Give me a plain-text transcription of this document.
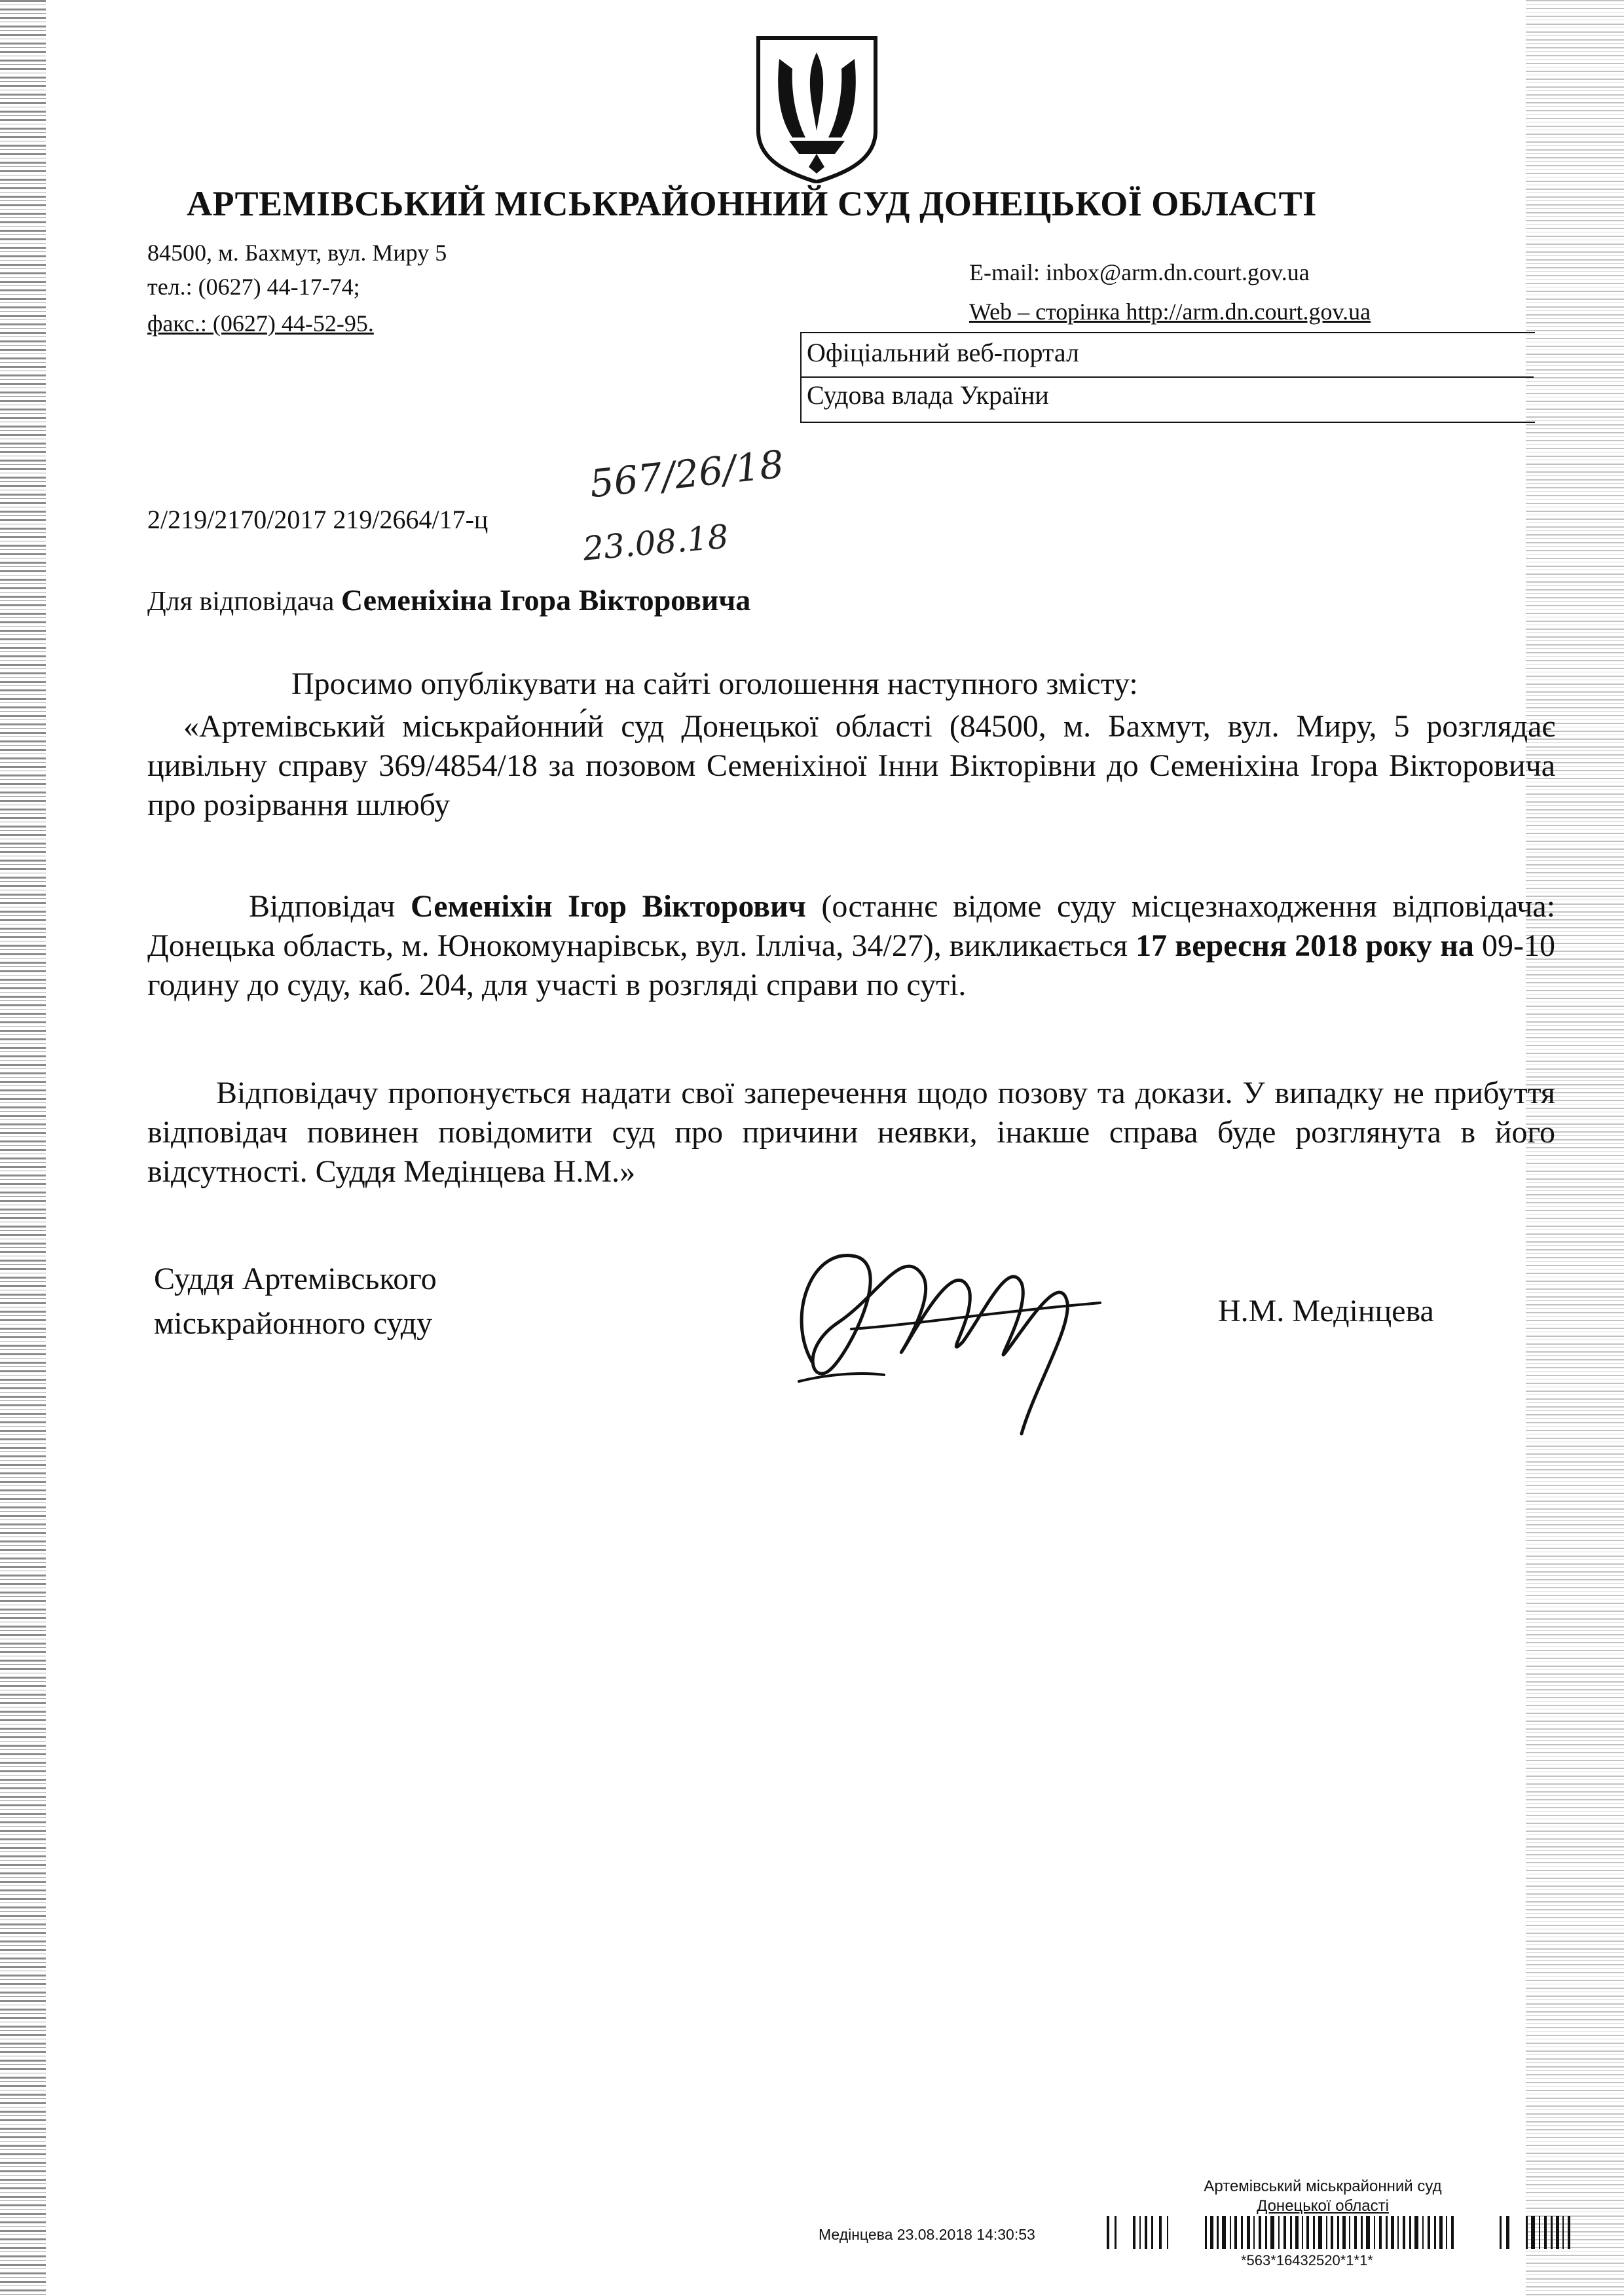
АРТЕМІВСЬКИЙ МІСЬКРАЙОННИЙ СУД ДОНЕЦЬКОЇ ОБЛАСТІ
84500, м. Бахмут, вул. Миру 5
тел.: (0627) 44-17-74;
факс.: (0627) 44-52-95.
E-mail: inbox@arm.dn.court.gov.ua
Web – сторінка http://arm.dn.court.gov.ua
Офіціальний веб-портал
Судова влада України
2/219/2170/2017 219/2664/17-ц
567/26/18
23.08.18
Для відповідача Семеніхіна Ігора Вікторовича
Просимо опублікувати на сайті оголошення наступного змісту:
«Артемівський міськрайонни́й суд Донецької області (84500, м. Бахмут, вул. Миру, 5 розглядає цивільну справу 369/4854/18 за позовом Семеніхіної Інни Вікторівни до Семеніхіна Ігора Вікторовича про розірвання шлюбу
Відповідач Семеніхін Ігор Вікторович (останнє відоме суду місцезнаходження відповідача: Донецька область, м. Юнокомунарівськ, вул. Ілліча, 34/27), викликається 17 вересня 2018 року на 09-10 годину до суду, каб. 204, для участі в розгляді справи по суті.
Відповідачу пропонується надати свої заперечення щодо позову та докази. У випадку не прибуття відповідач повинен повідомити суд про причини неявки, інакше справа буде розглянута в його відсутності. Суддя Медінцева Н.М.»
Суддя Артемівського
міськрайонного суду	Н.М. Медінцева
Артемівський міськрайонний суд
Донецької області
Медінцева 23.08.2018 14:30:53
*563*16432520*1*1*
